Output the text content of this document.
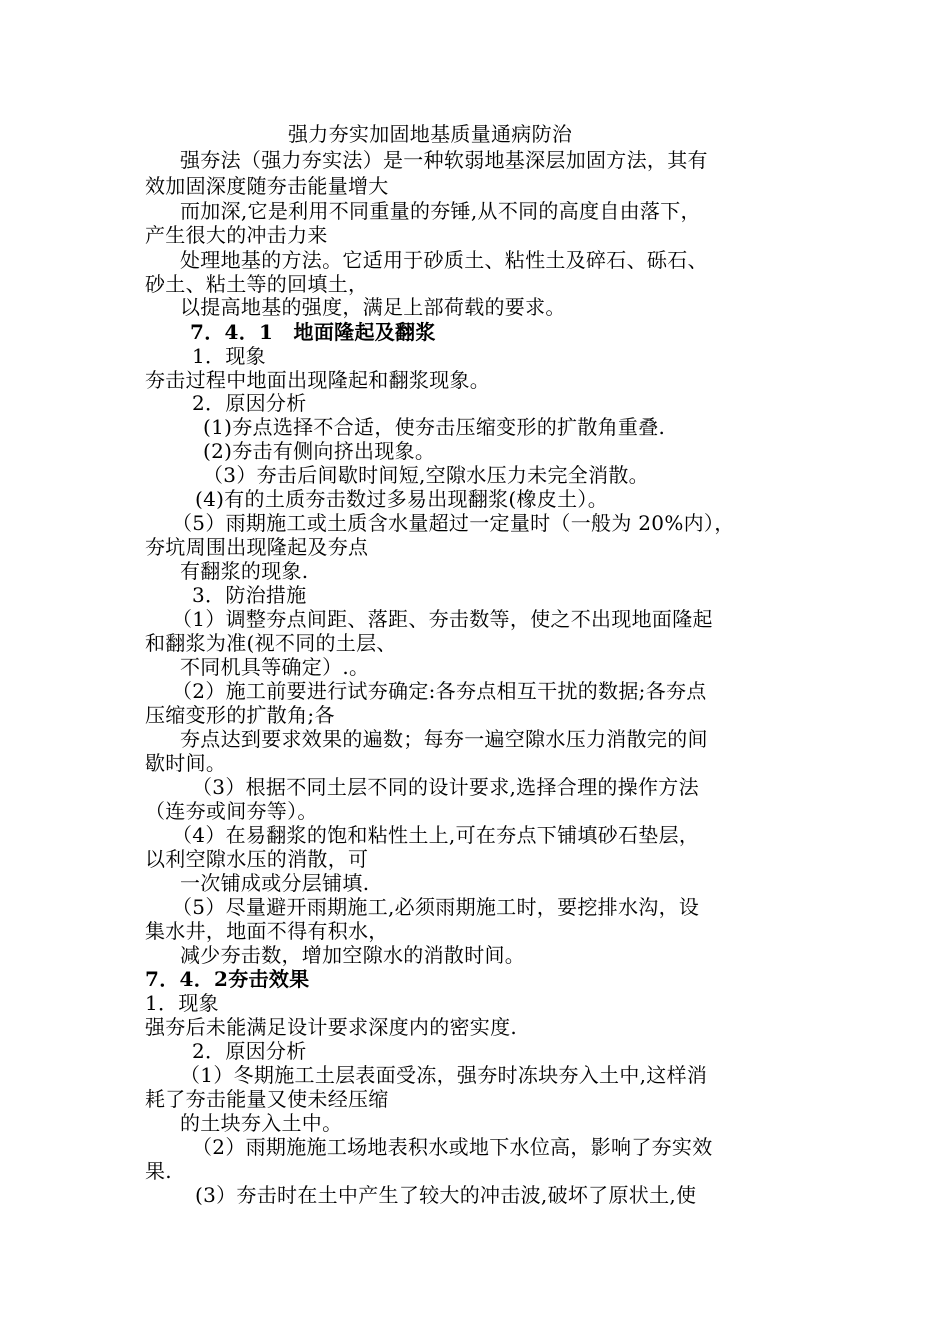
强力夯实加固地基质量通病防治
强夯法（强力夯实法）是一种软弱地基深层加固方法，其有
效加固深度随夯击能量增大
而加深,它是利用不同重量的夯锤,从不同的高度自由落下，
产生很大的冲击力来
处理地基的方法。它适用于砂质土、粘性土及碎石、砾石、
砂土、粘土等的回填土，
以提高地基的强度，满足上部荷载的要求。
7．4．1　地面隆起及翻浆
1．现象
夯击过程中地面出现隆起和翻浆现象。
2．原因分析
(1)夯点选择不合适，使夯击压缩变形的扩散角重叠.
(2)夯击有侧向挤出现象。
（3）夯击后间歇时间短,空隙水压力未完全消散。
(4)有的土质夯击数过多易出现翻浆(橡皮土）。
（5）雨期施工或土质含水量超过一定量时（一般为 20%内），
夯坑周围出现隆起及夯点
有翻浆的现象.
3．防治措施
（1）调整夯点间距、落距、夯击数等，使之不出现地面隆起
和翻浆为准(视不同的土层、
不同机具等确定）.。
（2）施工前要进行试夯确定:各夯点相互干扰的数据;各夯点
压缩变形的扩散角;各
夯点达到要求效果的遍数；每夯一遍空隙水压力消散完的间
歇时间。
（3）根据不同土层不同的设计要求,选择合理的操作方法
（连夯或间夯等）。
（4）在易翻浆的饱和粘性土上,可在夯点下铺填砂石垫层，
以利空隙水压的消散，可
一次铺成或分层铺填.
（5）尽量避开雨期施工,必须雨期施工时，要挖排水沟，设
集水井，地面不得有积水，
减少夯击数，增加空隙水的消散时间。
7．4．2夯击效果
1．现象
强夯后未能满足设计要求深度内的密实度.
2．原因分析
（1）冬期施工土层表面受冻，强夯时冻块夯入土中,这样消
耗了夯击能量又使未经压缩
的土块夯入土中。
（2）雨期施施工场地表积水或地下水位高，影响了夯实效
果.
(3）夯击时在土中产生了较大的冲击波,破坏了原状土,使
